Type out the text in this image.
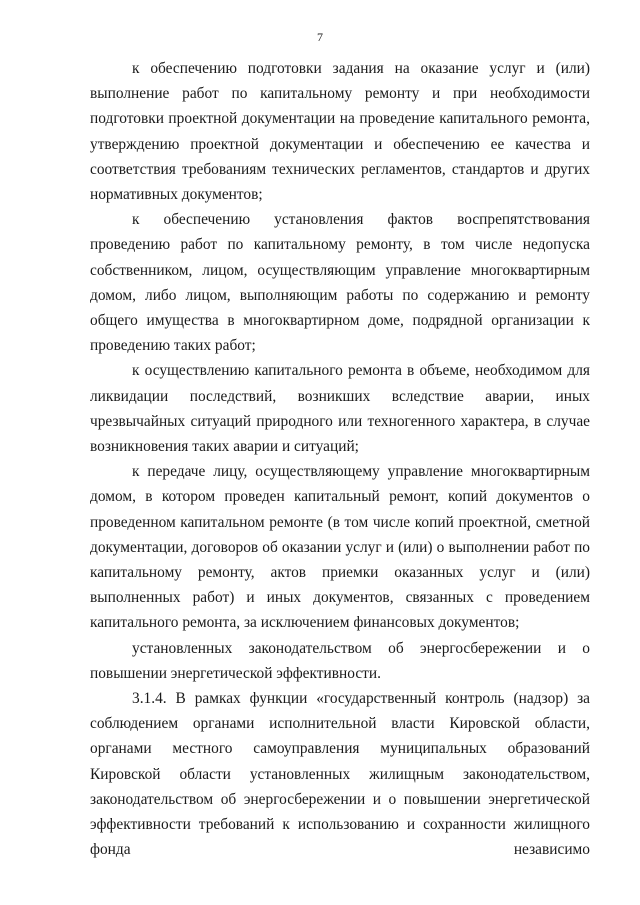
7

к обеспечению подготовки задания на оказание услуг и (или) выполнение работ по капитальному ремонту и при необходимости подготовки проектной документации на проведение капитального ремонта, утверждению проектной документации и обеспечению ее качества и соответствия требованиям технических регламентов, стандартов и других нормативных документов;

к обеспечению установления фактов воспрепятствования проведению работ по капитальному ремонту, в том числе недопуска собственником, лицом, осуществляющим управление многоквартирным домом, либо лицом, выполняющим работы по содержанию и ремонту общего имущества в многоквартирном доме, подрядной организации к проведению таких работ;

к осуществлению капитального ремонта в объеме, необходимом для ликвидации последствий, возникших вследствие аварии, иных чрезвычайных ситуаций природного или техногенного характера, в случае возникновения таких аварии и ситуаций;

к передаче лицу, осуществляющему управление многоквартирным домом, в котором проведен капитальный ремонт, копий документов о проведенном капитальном ремонте (в том числе копий проектной, сметной документации, договоров об оказании услуг и (или) о выполнении работ по капитальному ремонту, актов приемки оказанных услуг и (или) выполненных работ) и иных документов, связанных с проведением капитального ремонта, за исключением финансовых документов;

установленных законодательством об энергосбережении и о повышении энергетической эффективности.

3.1.4. В рамках функции «государственный контроль (надзор) за соблюдением органами исполнительной власти Кировской области, органами местного самоуправления муниципальных образований Кировской области установленных жилищным законодательством, законодательством об энергосбережении и о повышении энергетической эффективности требований к использованию и сохранности жилищного фонда независимо
